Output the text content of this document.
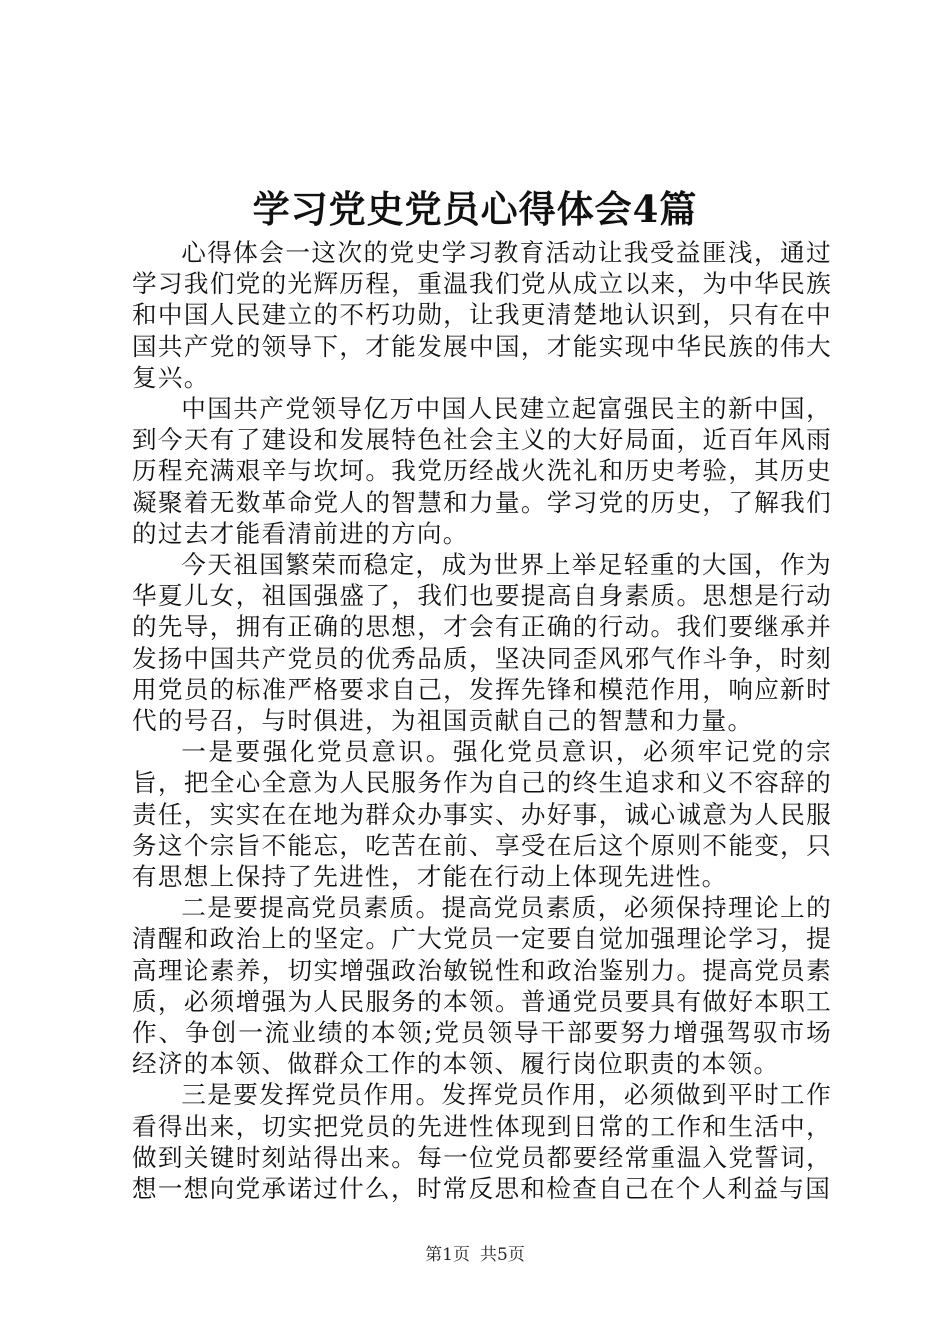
学习党史党员心得体会4篇

心得体会一这次的党史学习教育活动让我受益匪浅，通过学习我们党的光辉历程，重温我们党从成立以来，为中华民族和中国人民建立的不朽功勋，让我更清楚地认识到，只有在中国共产党的领导下，才能发展中国，才能实现中华民族的伟大复兴。

中国共产党领导亿万中国人民建立起富强民主的新中国，到今天有了建设和发展特色社会主义的大好局面，近百年风雨历程充满艰辛与坎坷。我党历经战火洗礼和历史考验，其历史凝聚着无数革命党人的智慧和力量。学习党的历史，了解我们的过去才能看清前进的方向。

今天祖国繁荣而稳定，成为世界上举足轻重的大国，作为华夏儿女，祖国强盛了，我们也要提高自身素质。思想是行动的先导，拥有正确的思想，才会有正确的行动。我们要继承并发扬中国共产党员的优秀品质，坚决同歪风邪气作斗争，时刻用党员的标准严格要求自己，发挥先锋和模范作用，响应新时代的号召，与时俱进，为祖国贡献自己的智慧和力量。

一是要强化党员意识。强化党员意识，必须牢记党的宗旨，把全心全意为人民服务作为自己的终生追求和义不容辞的责任，实实在在地为群众办事实、办好事，诚心诚意为人民服务这个宗旨不能忘，吃苦在前、享受在后这个原则不能变，只有思想上保持了先进性，才能在行动上体现先进性。

二是要提高党员素质。提高党员素质，必须保持理论上的清醒和政治上的坚定。广大党员一定要自觉加强理论学习，提高理论素养，切实增强政治敏锐性和政治鉴别力。提高党员素质，必须增强为人民服务的本领。普通党员要具有做好本职工作、争创一流业绩的本领;党员领导干部要努力增强驾驭市场经济的本领、做群众工作的本领、履行岗位职责的本领。

三是要发挥党员作用。发挥党员作用，必须做到平时工作看得出来，切实把党员的先进性体现到日常的工作和生活中，做到关键时刻站得出来。每一位党员都要经常重温入党誓词，想一想向党承诺过什么，时常反思和检查自己在个人利益与国

第1页 共5页
